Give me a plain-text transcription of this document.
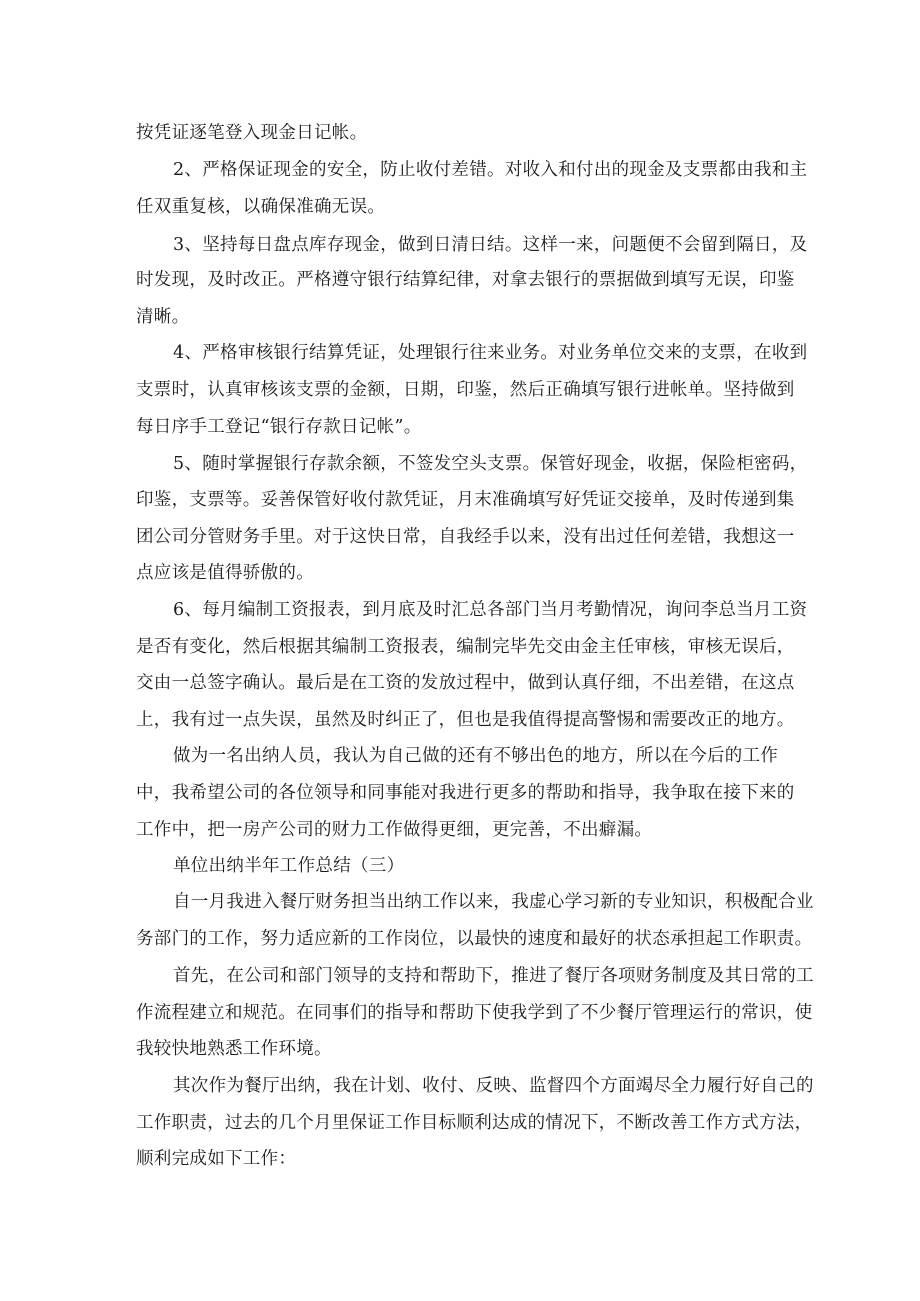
按凭证逐笔登入现金日记帐。
2、严格保证现金的安全，防止收付差错。对收入和付出的现金及支票都由我和主
任双重复核，以确保准确无误。
3、坚持每日盘点库存现金，做到日清日结。这样一来，问题便不会留到隔日，及
时发现，及时改正。严格遵守银行结算纪律，对拿去银行的票据做到填写无误，印鉴
清晰。
4、严格审核银行结算凭证，处理银行往来业务。对业务单位交来的支票，在收到
支票时，认真审核该支票的金额，日期，印鉴，然后正确填写银行进帐单。坚持做到
每日序手工登记“银行存款日记帐”。
5、随时掌握银行存款余额，不签发空头支票。保管好现金，收据，保险柜密码，
印鉴，支票等。妥善保管好收付款凭证，月末准确填写好凭证交接单，及时传递到集
团公司分管财务手里。对于这快日常，自我经手以来，没有出过任何差错，我想这一
点应该是值得骄傲的。
6、每月编制工资报表，到月底及时汇总各部门当月考勤情况，询问李总当月工资
是否有变化，然后根据其编制工资报表，编制完毕先交由金主任审核，审核无误后，
交由一总签字确认。最后是在工资的发放过程中，做到认真仔细，不出差错，在这点
上，我有过一点失误，虽然及时纠正了，但也是我值得提高警惕和需要改正的地方。
做为一名出纳人员，我认为自己做的还有不够出色的地方，所以在今后的工作
中，我希望公司的各位领导和同事能对我进行更多的帮助和指导，我争取在接下来的
工作中，把一房产公司的财力工作做得更细，更完善，不出癖漏。
单位出纳半年工作总结（三）
自一月我进入餐厅财务担当出纳工作以来，我虚心学习新的专业知识，积极配合业
务部门的工作，努力适应新的工作岗位，以最快的速度和最好的状态承担起工作职责。
首先，在公司和部门领导的支持和帮助下，推进了餐厅各项财务制度及其日常的工
作流程建立和规范。在同事们的指导和帮助下使我学到了不少餐厅管理运行的常识，使
我较快地熟悉工作环境。
其次作为餐厅出纳，我在计划、收付、反映、监督四个方面竭尽全力履行好自己的
工作职责，过去的几个月里保证工作目标顺利达成的情况下，不断改善工作方式方法，
顺利完成如下工作：
